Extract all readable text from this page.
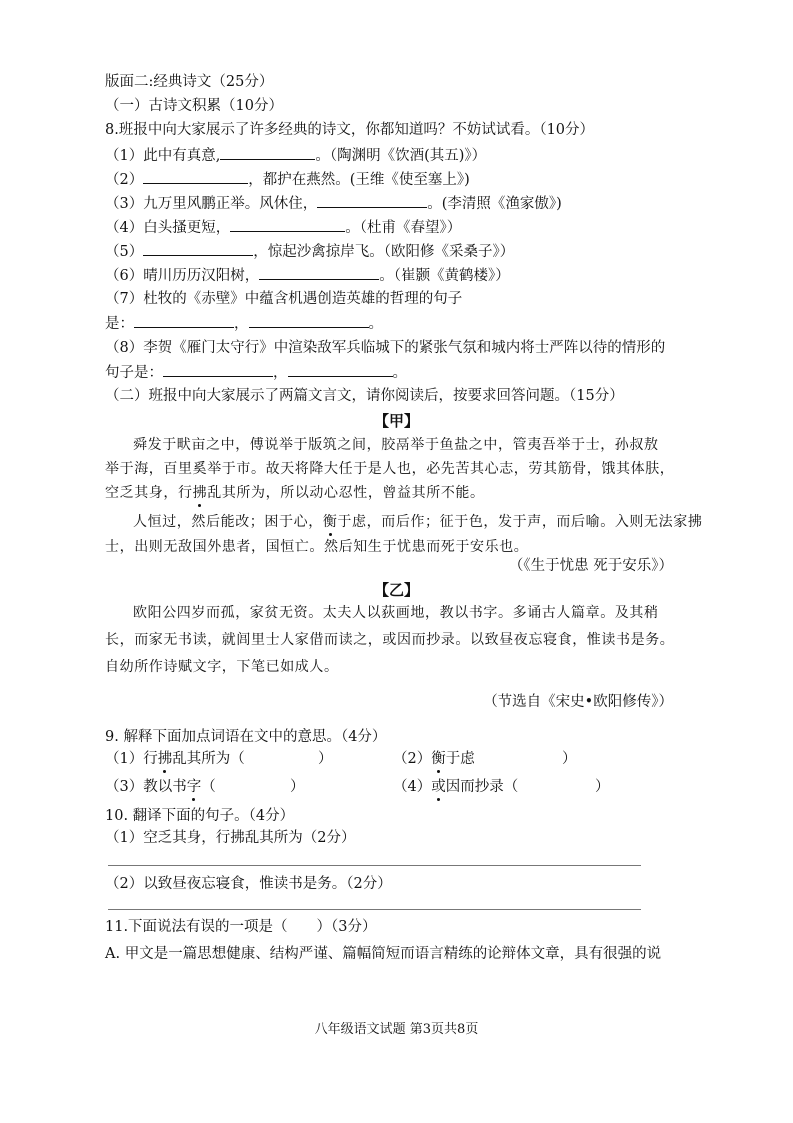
版面二:经典诗文（25分）
（一）古诗文积累（10分）
8.班报中向大家展示了许多经典的诗文，你都知道吗？不妨试试看。（10分）
（1）此中有真意,	。（陶渊明《饮酒(其五)》）
（2）	，都护在燕然。(王维《使至塞上》)
（3）九万里风鹏正举。风休住，	。(李清照《渔家傲》)
（4）白头搔更短，	。（杜甫《春望》）
（5）	，惊起沙禽掠岸飞。（欧阳修《采桑子》）
（6）晴川历历汉阳树，	。（崔颢《黄鹤楼》）
（7）杜牧的《赤壁》中蕴含机遇创造英雄的哲理的句子
是：	，	。
（8）李贺《雁门太守行》中渲染敌军兵临城下的紧张气氛和城内将士严阵以待的情形的
句子是：	，	。
（二）班报中向大家展示了两篇文言文，请你阅读后，按要求回答问题。（15分）
【甲】
舜发于畎亩之中，傅说举于版筑之间，胶鬲举于鱼盐之中，管夷吾举于士，孙叔敖
举于海，百里奚举于市。故天将降大任于是人也，必先苦其心志，劳其筋骨，饿其体肤，
空乏其身，行拂乱其所为，所以动心忍性，曾益其所不能。
人恒过，然后能改；困于心，衡于虑，而后作；征于色，发于声，而后喻。入则无法家拂
士，出则无敌国外患者，国恒亡。然后知生于忧患而死于安乐也。
（《生于忧患 死于安乐》）
【乙】
欧阳公四岁而孤，家贫无资。太夫人以荻画地，教以书字。多诵古人篇章。及其稍
长，而家无书读，就闾里士人家借而读之，或因而抄录。以致昼夜忘寝食，惟读书是务。
自幼所作诗赋文字，下笔已如成人。
（节选自《宋史•欧阳修传》）
9. 解释下面加点词语在文中的意思。（4分）
（1）行拂乱其所为（	）	（2）衡于虑	）
（3）教以书字（	）	（4）或因而抄录（	）
10. 翻译下面的句子。（4分）
（1）空乏其身，行拂乱其所为（2分）
（2）以致昼夜忘寝食，惟读书是务。（2分）
11.下面说法有误的一项是（　　）（3分）
A. 甲文是一篇思想健康、结构严谨、篇幅简短而语言精练的论辩体文章，具有很强的说
八年级语文试题 第3页共8页
